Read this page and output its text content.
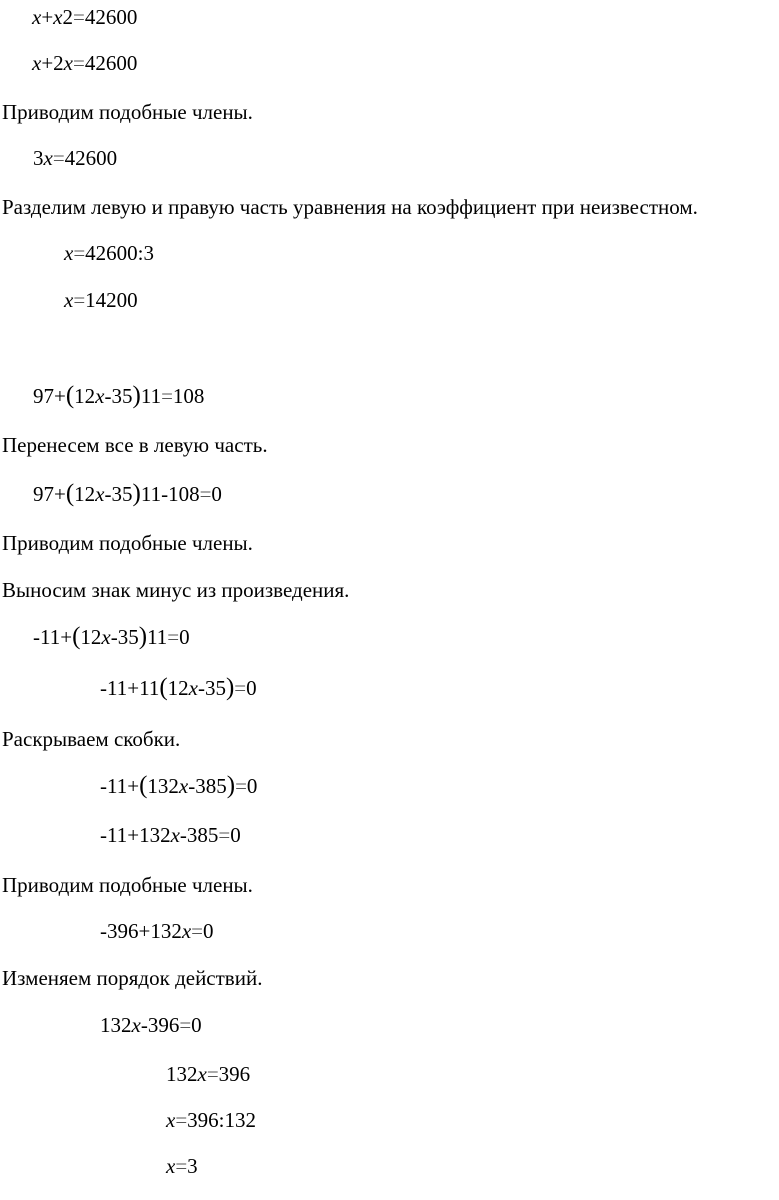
x+x2=42600
x+2x=42600
Приводим подобные члены.
3x=42600
Разделим левую и правую часть уравнения на коэффициент при неизвестном.
x=42600:3
x=14200
97+(12x-35)11=108
Перенесем все в левую часть.
97+(12x-35)11-108=0
Приводим подобные члены.
Выносим знак минус из произведения.
-11+(12x-35)11=0
-11+11(12x-35)=0
Раскрываем скобки.
-11+(132x-385)=0
-11+132x-385=0
Приводим подобные члены.
-396+132x=0
Изменяем порядок действий.
132x-396=0
132x=396
x=396:132
x=3
